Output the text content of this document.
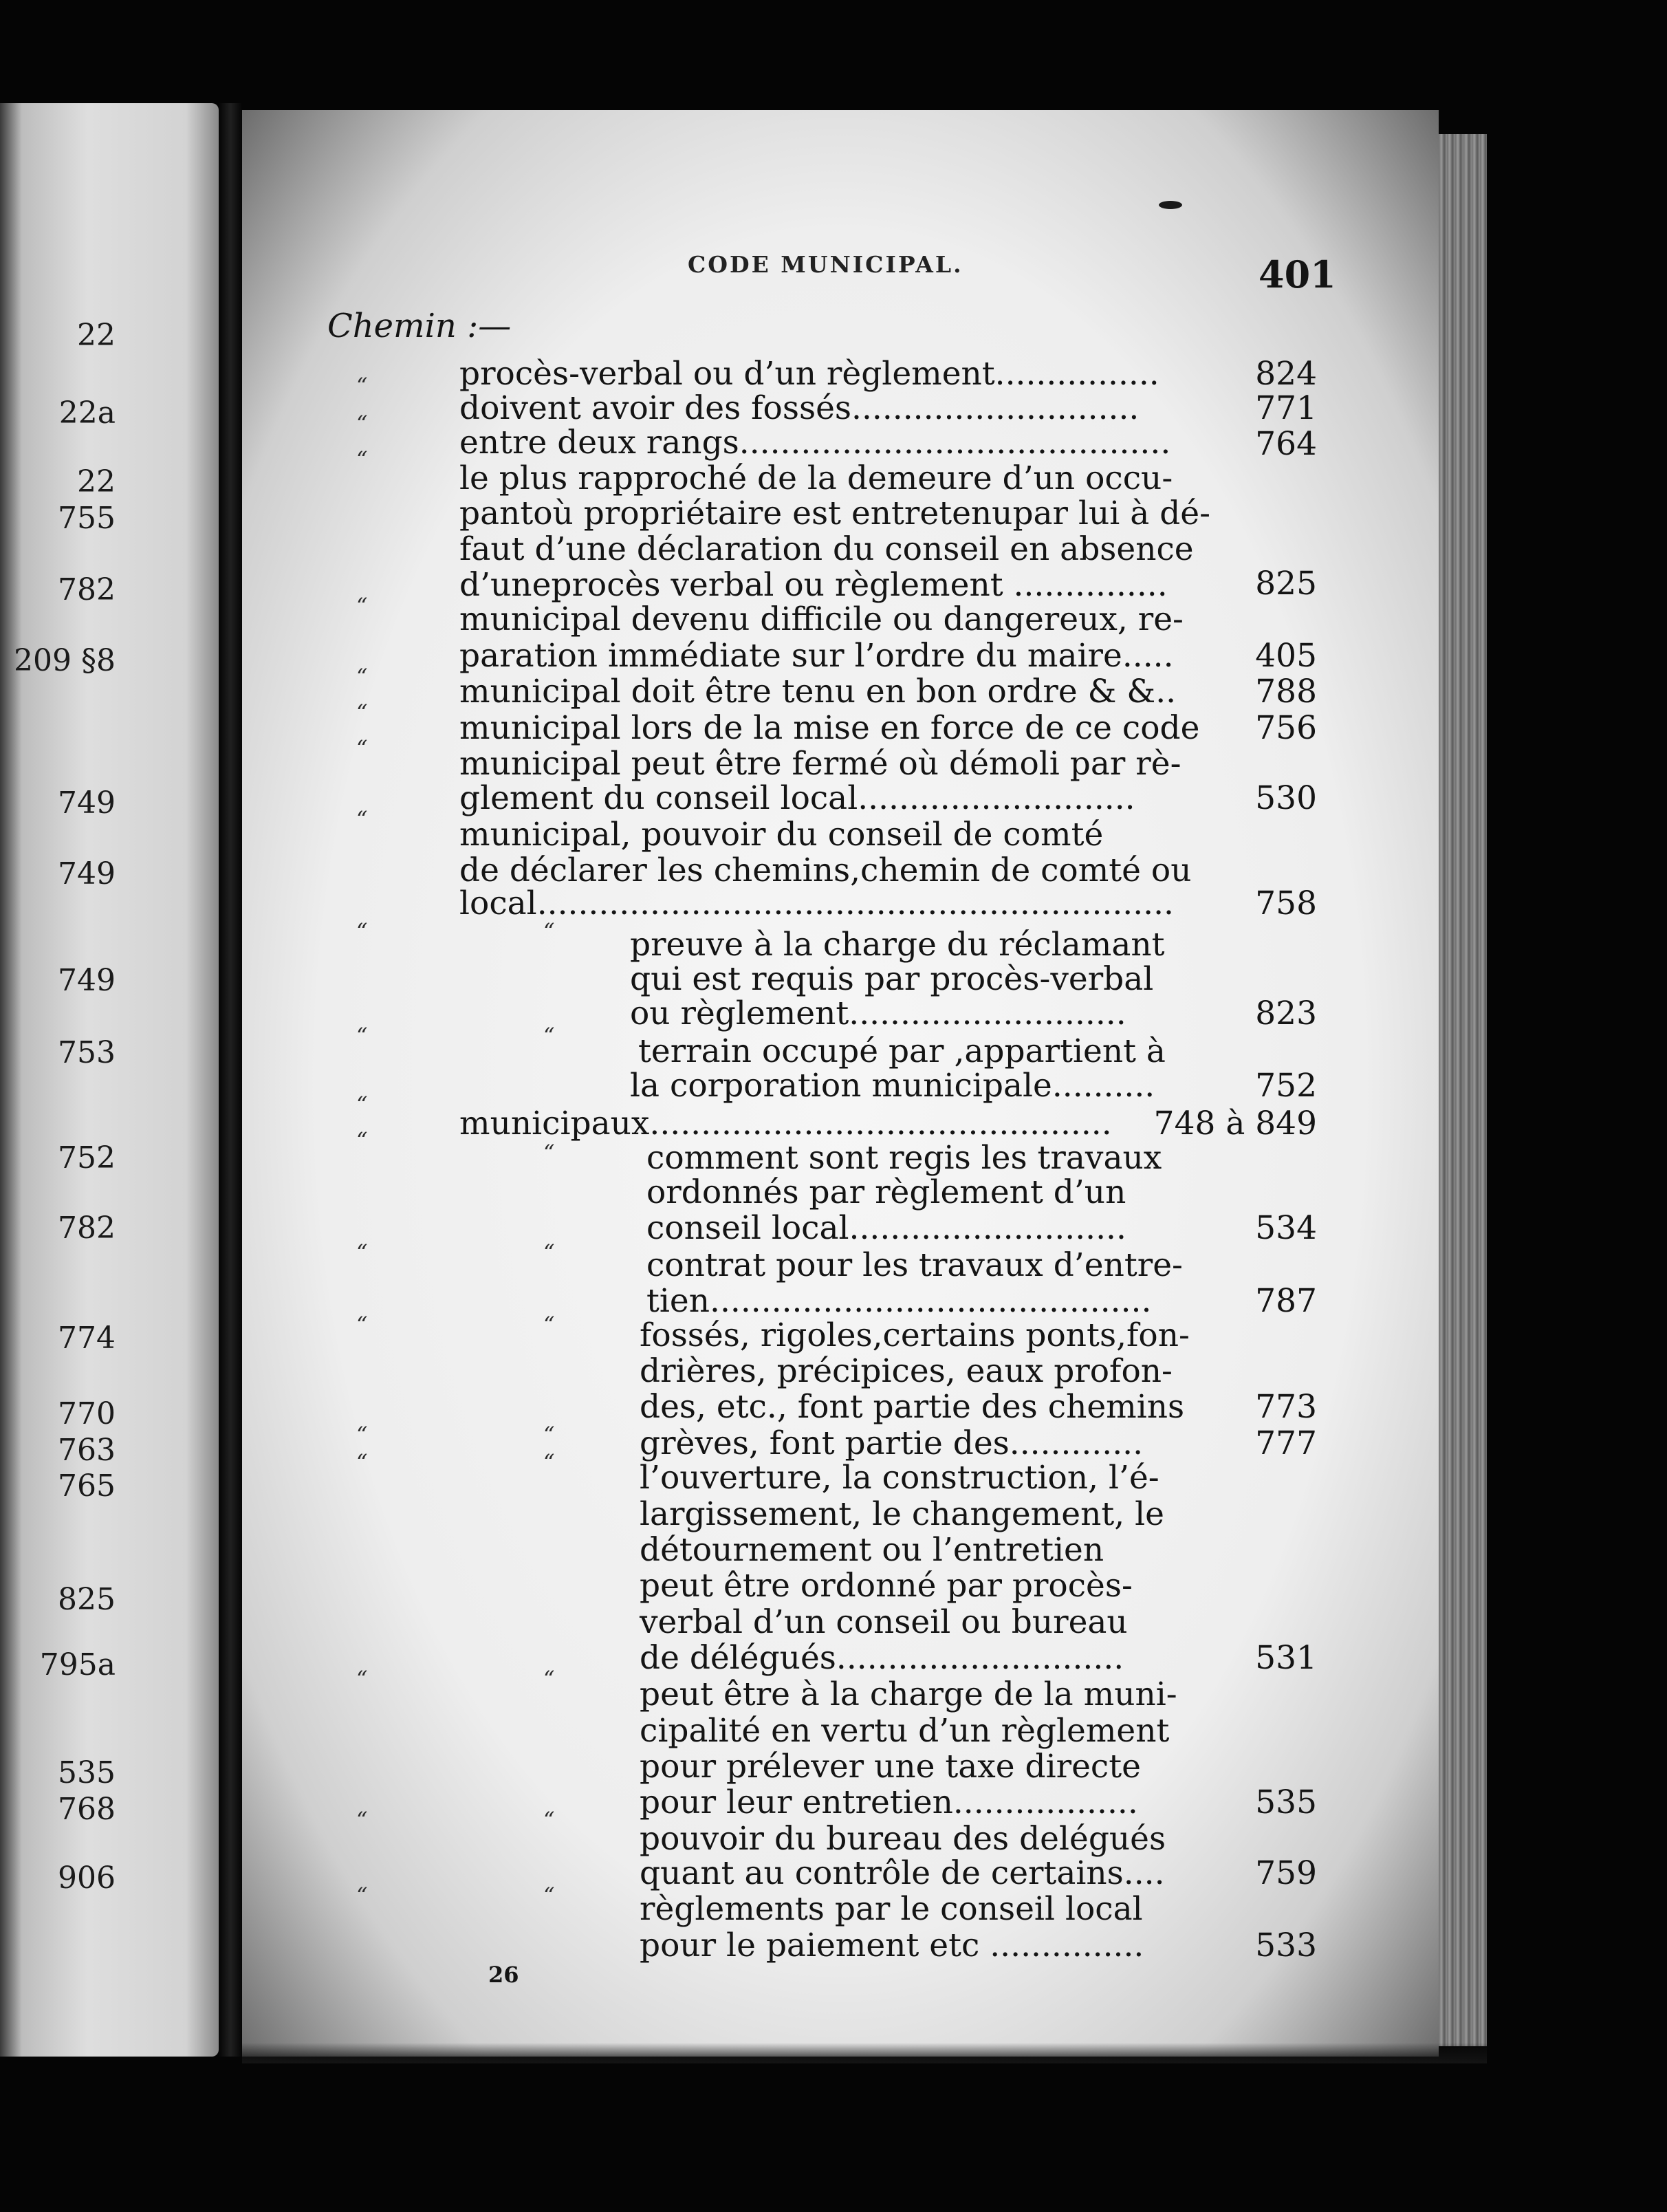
22
22a
22
755
782
209 §8
749
749
749
753
752
782
774
770
763
765
825
795a
535
768
906
CODE MUNICIPAL.	401
Chemin :—
procès-verbal ou d’un règlement................
doivent avoir des fossés............................
entre deux rangs..........................................
le plus rapproché de la demeure d’un occu-
pantoù propriétaire est entretenupar lui à dé-
faut d’une déclaration du conseil en absence
d’uneprocès verbal ou règlement ...............
municipal devenu difficile ou dangereux, re-
paration immédiate sur l’ordre du maire.....
municipal doit être tenu en bon ordre & &..
municipal lors de la mise en force de ce code
municipal peut être fermé où démoli par rè-
glement du conseil local...........................
municipal, pouvoir du conseil de comté
de déclarer les chemins,chemin de comté ou
local..............................................................
preuve à la charge du réclamant
qui est requis par procès-verbal
ou règlement...........................
terrain occupé par ,appartient à
la corporation municipale..........
municipaux.............................................
comment sont regis les travaux
ordonnés par règlement d’un
conseil local...........................
contrat pour les travaux d’entre-
tien...........................................
fossés, rigoles,certains ponts,fon-
drières, précipices, eaux profon-
des, etc., font partie des chemins
grèves, font partie des.............
l’ouverture, la construction, l’é-
largissement, le changement, le
détournement ou l’entretien
peut être ordonné par procès-
verbal d’un conseil ou bureau
de délégués............................
peut être à la charge de la muni-
cipalité en vertu d’un règlement
pour prélever une taxe directe
pour leur entretien..................
pouvoir du bureau des delégués
quant au contrôle de certains....
règlements par le conseil local
pour le paiement etc ...............
“
“
“
“
“
“
“
“
“
“
“
“
“
“
“
“
“
“
“
“
“
“
“
“
“
“
“
“
“
824
771
764
825
405
788
756
530
758
823
752
748 à 849
534
787
773
777
531
535
759
533
26
